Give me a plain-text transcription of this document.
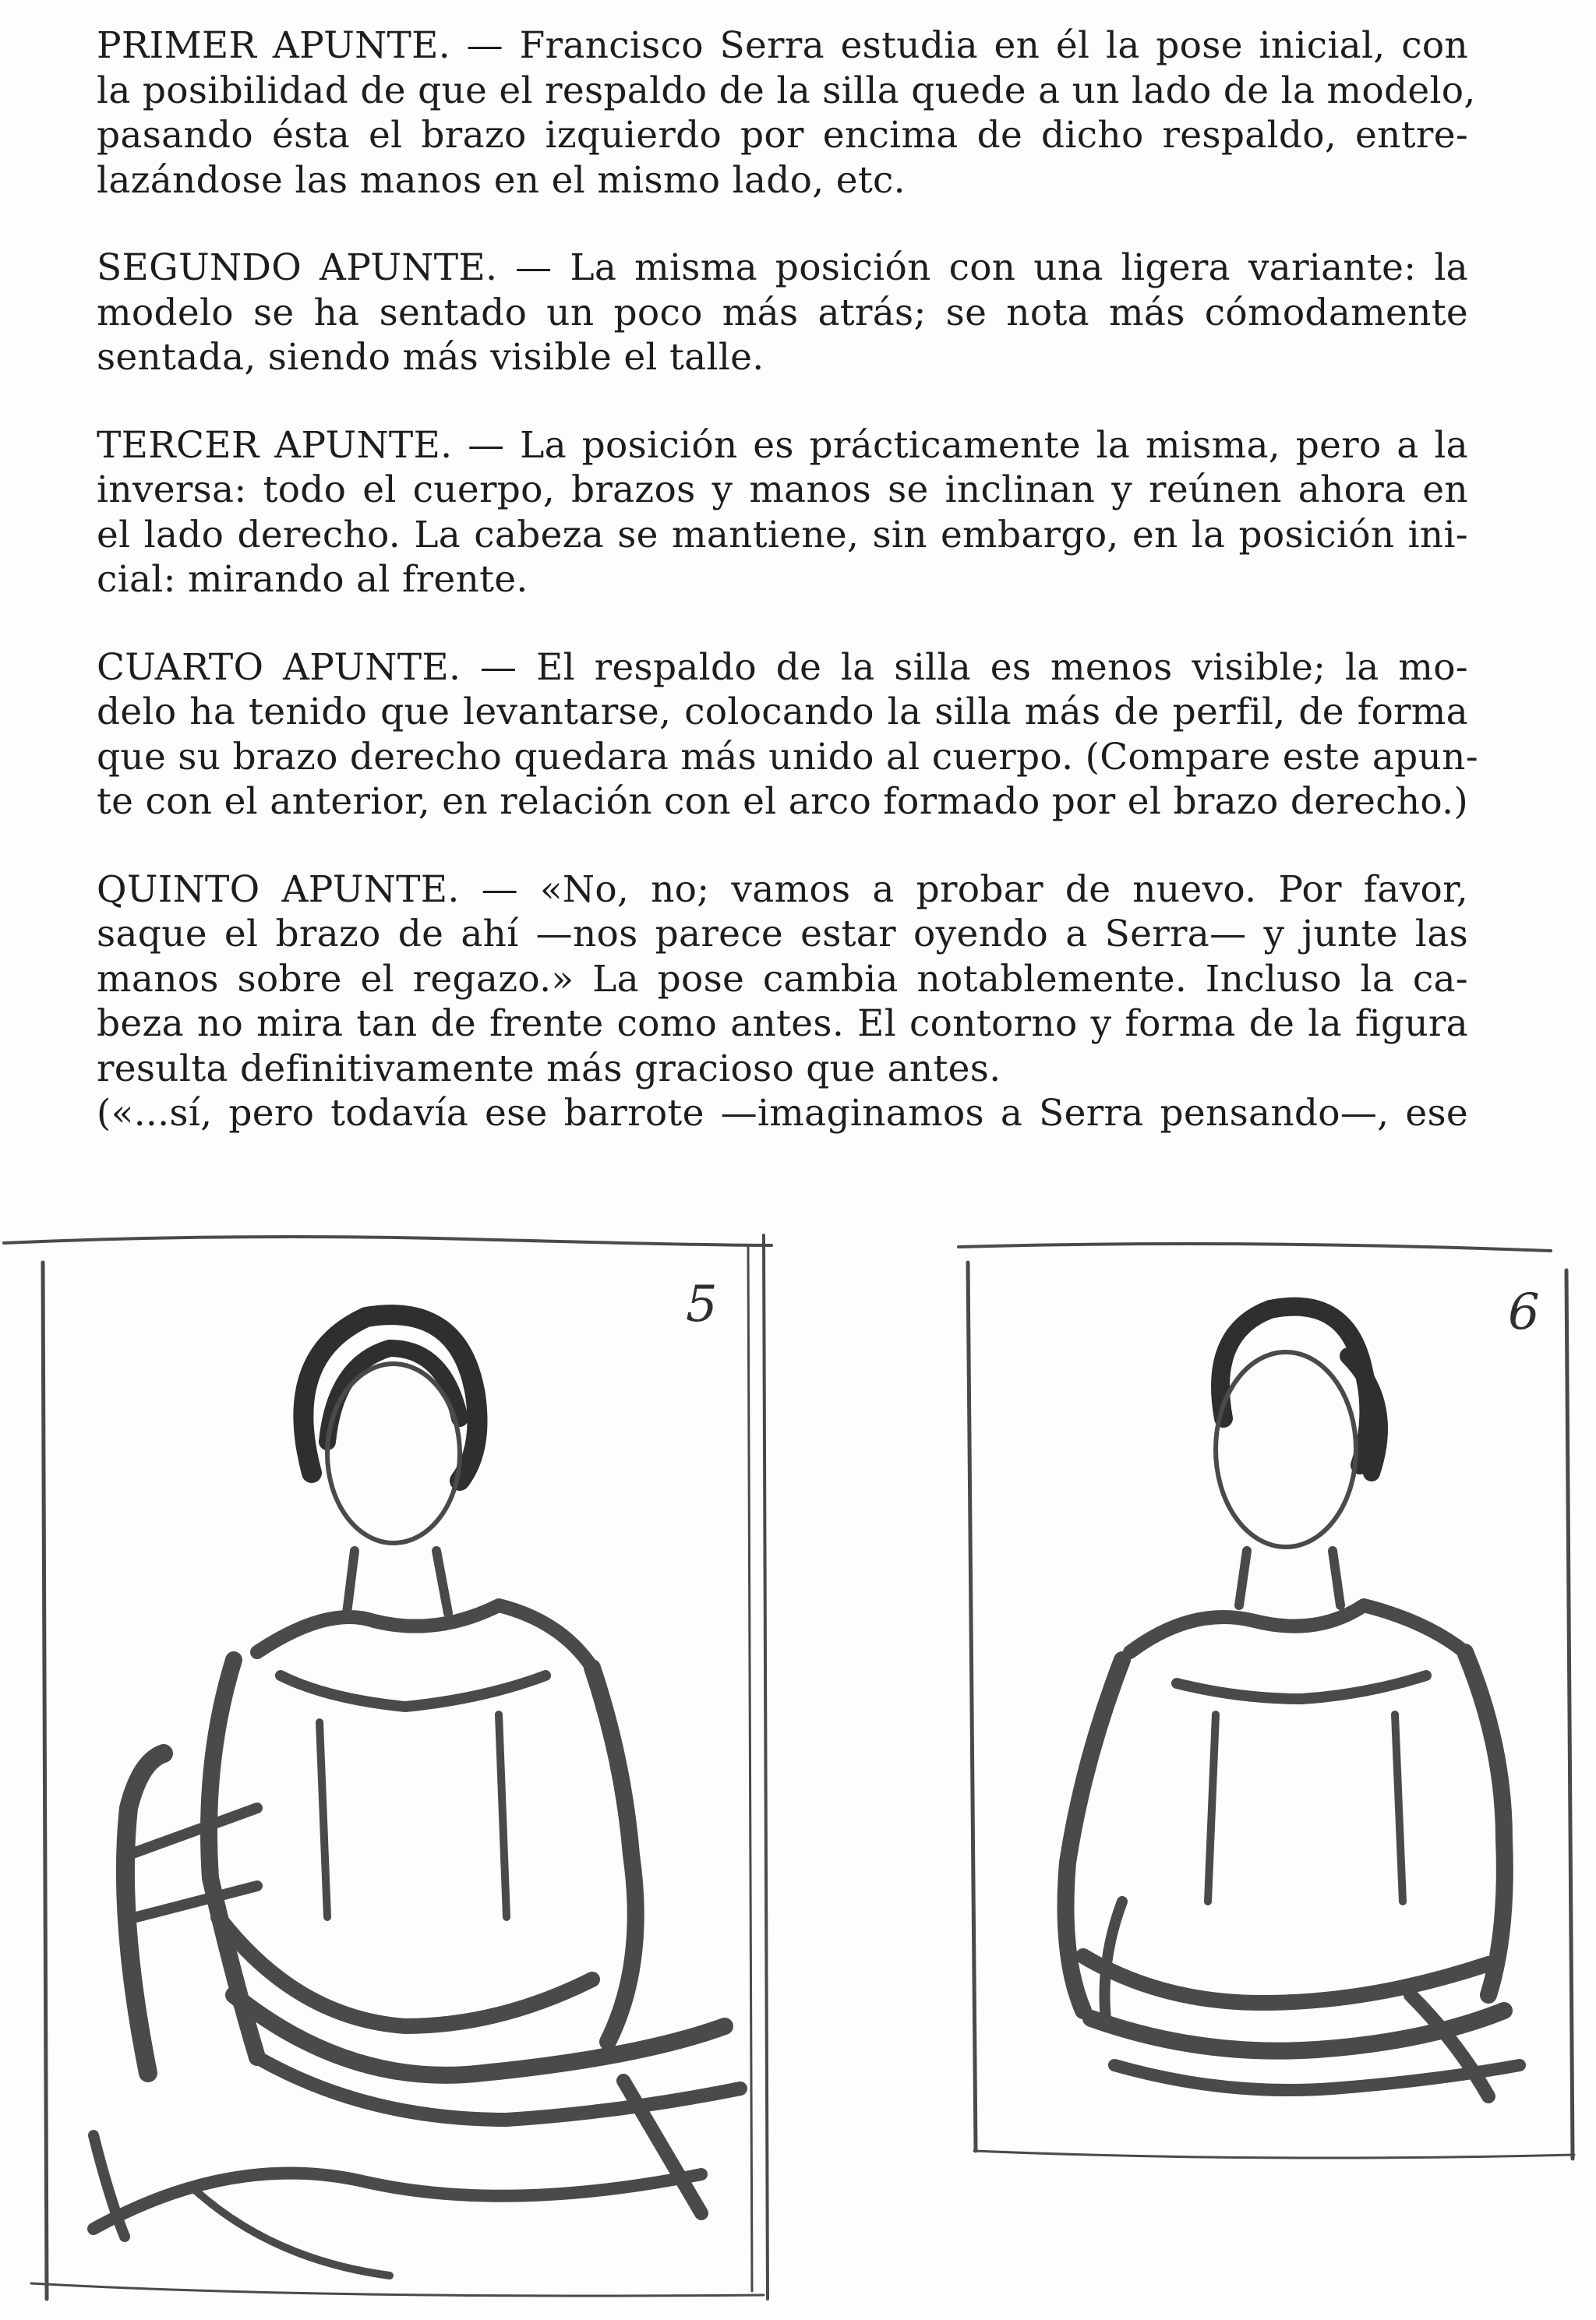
PRIMER APUNTE. — Francisco Serra estudia en él la pose inicial, con
la posibilidad de que el respaldo de la silla quede a un lado de la modelo,
pasando ésta el brazo izquierdo por encima de dicho respaldo, entre-
lazándose las manos en el mismo lado, etc.

SEGUNDO APUNTE. — La misma posición con una ligera variante: la
modelo se ha sentado un poco más atrás; se nota más cómodamente
sentada, siendo más visible el talle.

TERCER APUNTE. — La posición es prácticamente la misma, pero a la
inversa: todo el cuerpo, brazos y manos se inclinan y reúnen ahora en
el lado derecho. La cabeza se mantiene, sin embargo, en la posición ini-
cial: mirando al frente.

CUARTO APUNTE. — El respaldo de la silla es menos visible; la mo-
delo ha tenido que levantarse, colocando la silla más de perfil, de forma
que su brazo derecho quedara más unido al cuerpo. (Compare este apun-
te con el anterior, en relación con el arco formado por el brazo derecho.)

QUINTO APUNTE. — «No, no; vamos a probar de nuevo. Por favor,
saque el brazo de ahí —nos parece estar oyendo a Serra— y junte las
manos sobre el regazo.» La pose cambia notablemente. Incluso la ca-
beza no mira tan de frente como antes. El contorno y forma de la figura
resulta definitivamente más gracioso que antes.
(«...sí, pero todavía ese barrote —imaginamos a Serra pensando—, ese

5	6
